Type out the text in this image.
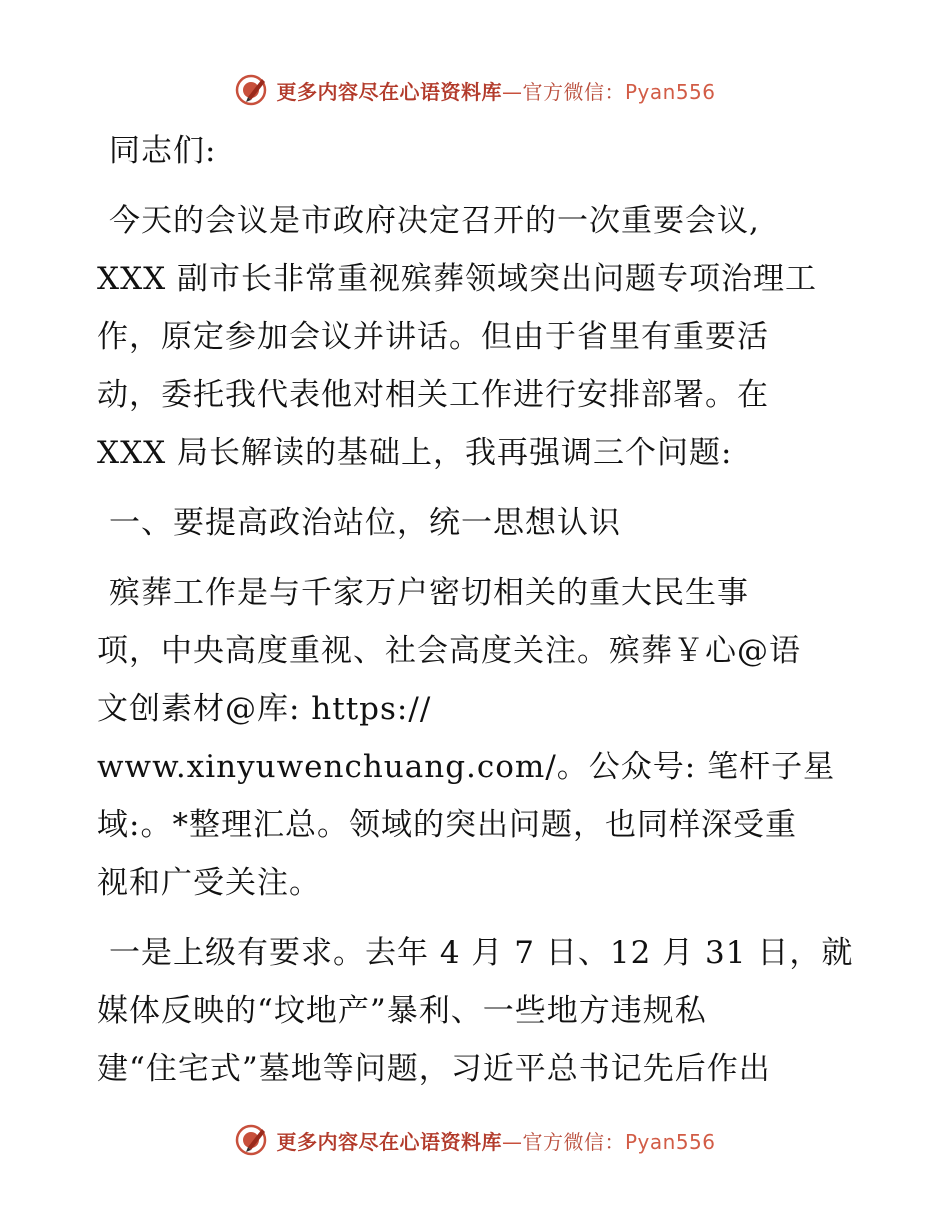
更多内容尽在心语资料库—官方微信：Pyan556
同志们:
今天的会议是市政府决定召开的一次重要会议,
XXX 副市长非常重视殡葬领域突出问题专项治理工
作，原定参加会议并讲话。但由于省里有重要活
动，委托我代表他对相关工作进行安排部署。在
XXX 局长解读的基础上，我再强调三个问题:
一、要提高政治站位，统一思想认识
殡葬工作是与千家万户密切相关的重大民生事
项，中央高度重视、社会高度关注。殡葬￥心@语
文创素材@库: https://
www.xinyuwenchuang.com/。公众号: 笔杆子星
域:。*整理汇总。领域的突出问题，也同样深受重
视和广受关注。
一是上级有要求。去年 4 月 7 日、12 月 31 日，就
媒体反映的“坟地产”暴利、一些地方违规私
建“住宅式”墓地等问题，习近平总书记先后作出
更多内容尽在心语资料库—官方微信：Pyan556
